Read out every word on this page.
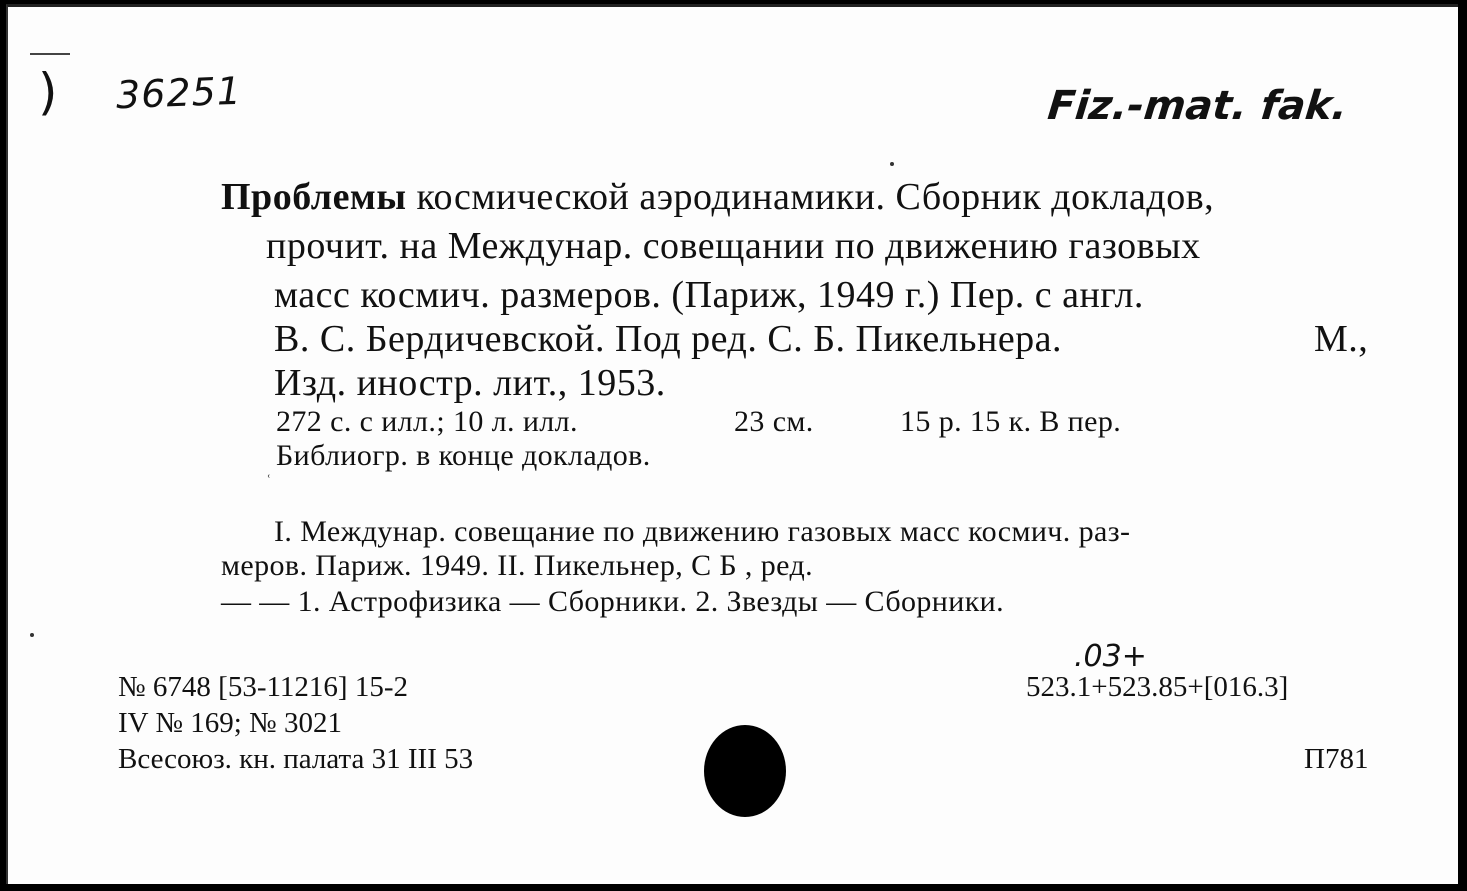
) 36251	Fiz.-mat. fak.
Проблемы космической аэродинамики. Сборник докладов,
прочит. на Междунар. совещании по движению газовых
масс космич. размеров. (Париж, 1949 г.) Пер. с англ.
В. С. Бердичевской. Под ред. С. Б. Пикельнера.	М.,
Изд. иностр. лит., 1953.
272 с. с илл.; 10 л. илл.	23 см.	15 р. 15 к. В пер.
Библиогр. в конце докладов.
ʿ
I. Междунар. совещание по движению газовых масс космич. раз-
меров. Париж. 1949. II. Пикельнер, С Б , ред.
— — 1. Астрофизика — Сборники. 2. Звезды — Сборники.
№ 6748 [53-11216] 15-2
IV № 169; № 3021
Всесоюз. кн. палата 31 III 53
.03+
523.1+523.85+[016.3]
П781
